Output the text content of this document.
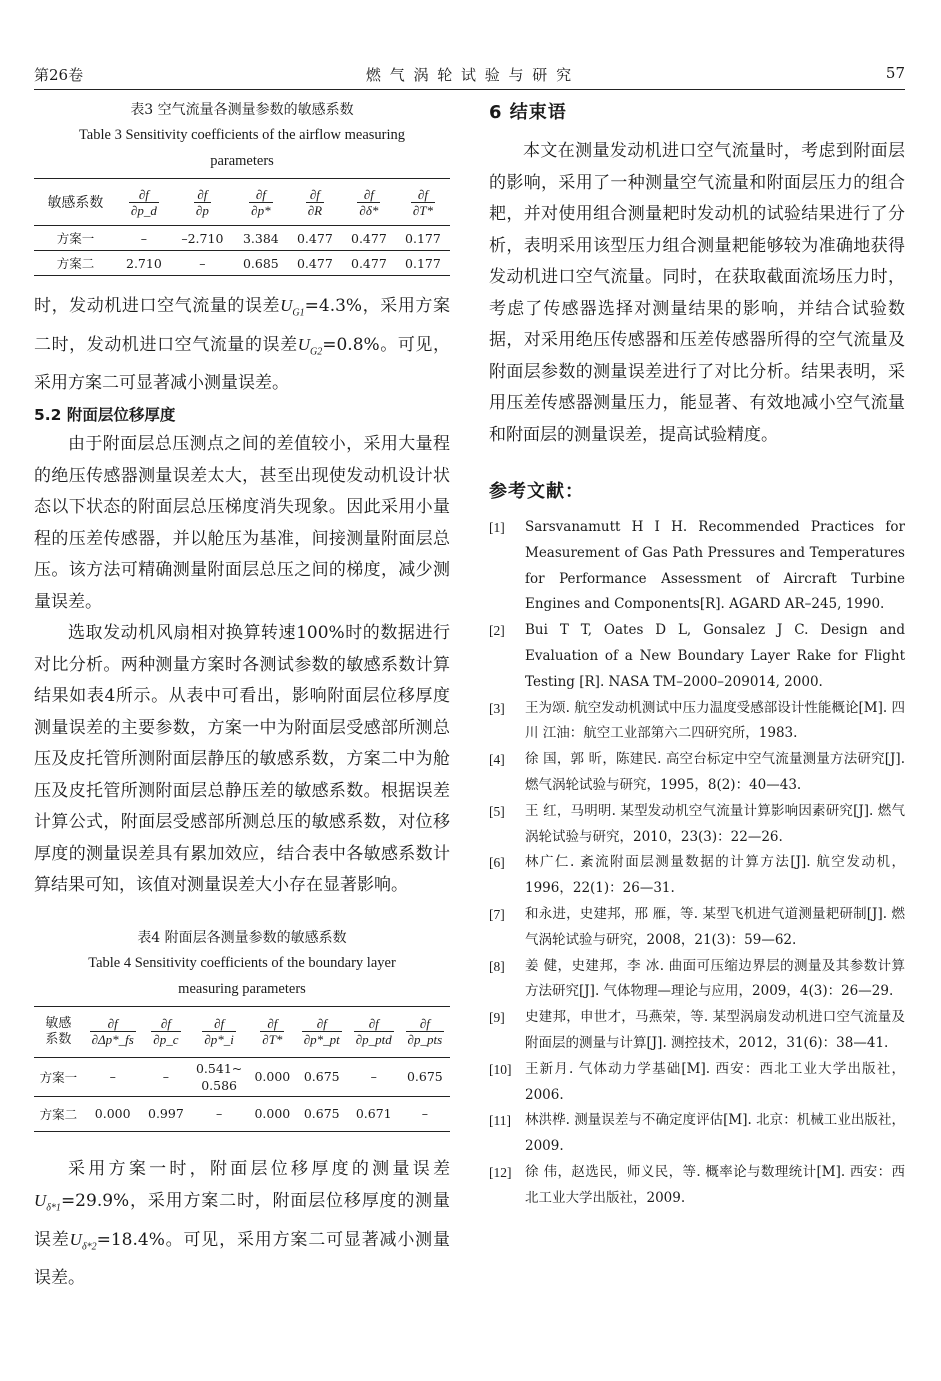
第26卷	燃 气 涡 轮 试 验 与 研 究	57
表3 空气流量各测量参数的敏感系数
Table 3 Sensitivity coefficients of the airflow measuring parameters
敏感系数	$\frac{\partial f}{\partial p\_d}$	$\frac{\partial f}{\partial p}$	$\frac{\partial f}{\partial p*}$	$\frac{\partial f}{\partial R}$	$\frac{\partial f}{\partial\delta*}$	$\frac{\partial f}{\partial T*}$

方案一	–	–2.710	3.384	0.477	0.477	0.177
方案二	2.710	–	0.685	0.477	0.477	0.177
时，发动机进口空气流量的误差$U_{G1}=4.3\%$，采用方案二时，发动机进口空气流量的误差$U_{G2}=0.8\%$。可见，采用方案二可显著减小测量误差。
5.2 附面层位移厚度
由于附面层总压测点之间的差值较小，采用大量程的绝压传感器测量误差太大，甚至出现使发动机设计状态以下状态的附面层总压梯度消失现象。因此采用小量程的压差传感器，并以舱压为基准，间接测量附面层总压。该方法可精确测量附面层总压之间的梯度，减少测量误差。
选取发动机风扇相对换算转速100%时的数据进行对比分析。两种测量方案时各测试参数的敏感系数计算结果如表4所示。从表中可看出，影响附面层位移厚度测量误差的主要参数，方案一中为附面层受感部所测总压及皮托管所测附面层静压的敏感系数，方案二中为舱压及皮托管所测附面层总静压差的敏感系数。根据误差计算公式，附面层受感部所测总压的敏感系数，对位移厚度的测量误差具有累加效应，结合表中各敏感系数计算结果可知，该值对测量误差大小存在显著影响。
表4 附面层各测量参数的敏感系数
Table 4 Sensitivity coefficients of the boundary layer measuring parameters
敏感
系数	$\frac{\partial f}{\partial\Delta p*\_fs}$	$\frac{\partial f}{\partial p\_c}$	$\frac{\partial f}{\partial p*\_i}$	$\frac{\partial f}{\partial T*}$	$\frac{\partial f}{\partial p*\_pt}$	$\frac{\partial f}{\text{∂p\_ptd}}$	$\frac{\partial f}{\text{∂p\_pts}}$

方案一	–	–	0.541~
0.586	0.000	0.675	–	0.675
方案二	0.000	0.997	–	0.000	0.675	0.671	–
采用方案一时，附面层位移厚度的测量误差$U_{\delta*1}=29.9\%$，采用方案二时，附面层位移厚度的测量误差$U_{\delta*2}=18.4\%$。可见，采用方案二可显著减小测量误差。
6 结束语
本文在测量发动机进口空气流量时，考虑到附面层的影响，采用了一种测量空气流量和附面层压力的组合耙，并对使用组合测量耙时发动机的试验结果进行了分析，表明采用该型压力组合测量耙能够较为准确地获得发动机进口空气流量。同时，在获取截面流场压力时，考虑了传感器选择对测量结果的影响，并结合试验数据，对采用绝压传感器和压差传感器所得的空气流量及附面层参数的测量误差进行了对比分析。结果表明，采用压差传感器测量压力，能显著、有效地减小空气流量和附面层的测量误差，提高试验精度。
参考文献：
[1]	Sarsvanamutt H I H. Recommended Practices for Measurement of Gas Path Pressures and Temperatures for Performance Assessment of Aircraft Turbine Engines and Components[R]. AGARD AR–245, 1990.
[2]	Bui T T, Oates D L, Gonsalez J C. Design and Evaluation of a New Boundary Layer Rake for Flight Testing [R]. NASA TM–2000–209014, 2000.
[3]	王为颂. 航空发动机测试中压力温度受感部设计性能概论[M]. 四川 江油：航空工业部第六二四研究所，1983.
[4]	徐 国，郭 昕，陈建民. 高空台标定中空气流量测量方法研究[J]. 燃气涡轮试验与研究，1995，8(2)：40—43.
[5]	王 红，马明明. 某型发动机空气流量计算影响因素研究[J]. 燃气涡轮试验与研究，2010，23(3)：22—26.
[6]	林广仁. 紊流附面层测量数据的计算方法[J]. 航空发动机，1996，22(1)：26—31.
[7]	和永进，史建邦，邢 雁，等. 某型飞机进气道测量耙研制[J]. 燃气涡轮试验与研究，2008，21(3)：59—62.
[8]	姜 健，史建邦，李 冰. 曲面可压缩边界层的测量及其参数计算方法研究[J]. 气体物理—理论与应用，2009，4(3)：26—29.
[9]	史建邦，申世才，马燕荣，等. 某型涡扇发动机进口空气流量及附面层的测量与计算[J]. 测控技术，2012，31(6)：38—41.
[10]	王新月. 气体动力学基础[M]. 西安：西北工业大学出版社，2006.
[11]	林洪桦. 测量误差与不确定度评估[M]. 北京：机械工业出版社，2009.
[12]	徐 伟，赵选民，师义民，等. 概率论与数理统计[M]. 西安：西北工业大学出版社，2009.
